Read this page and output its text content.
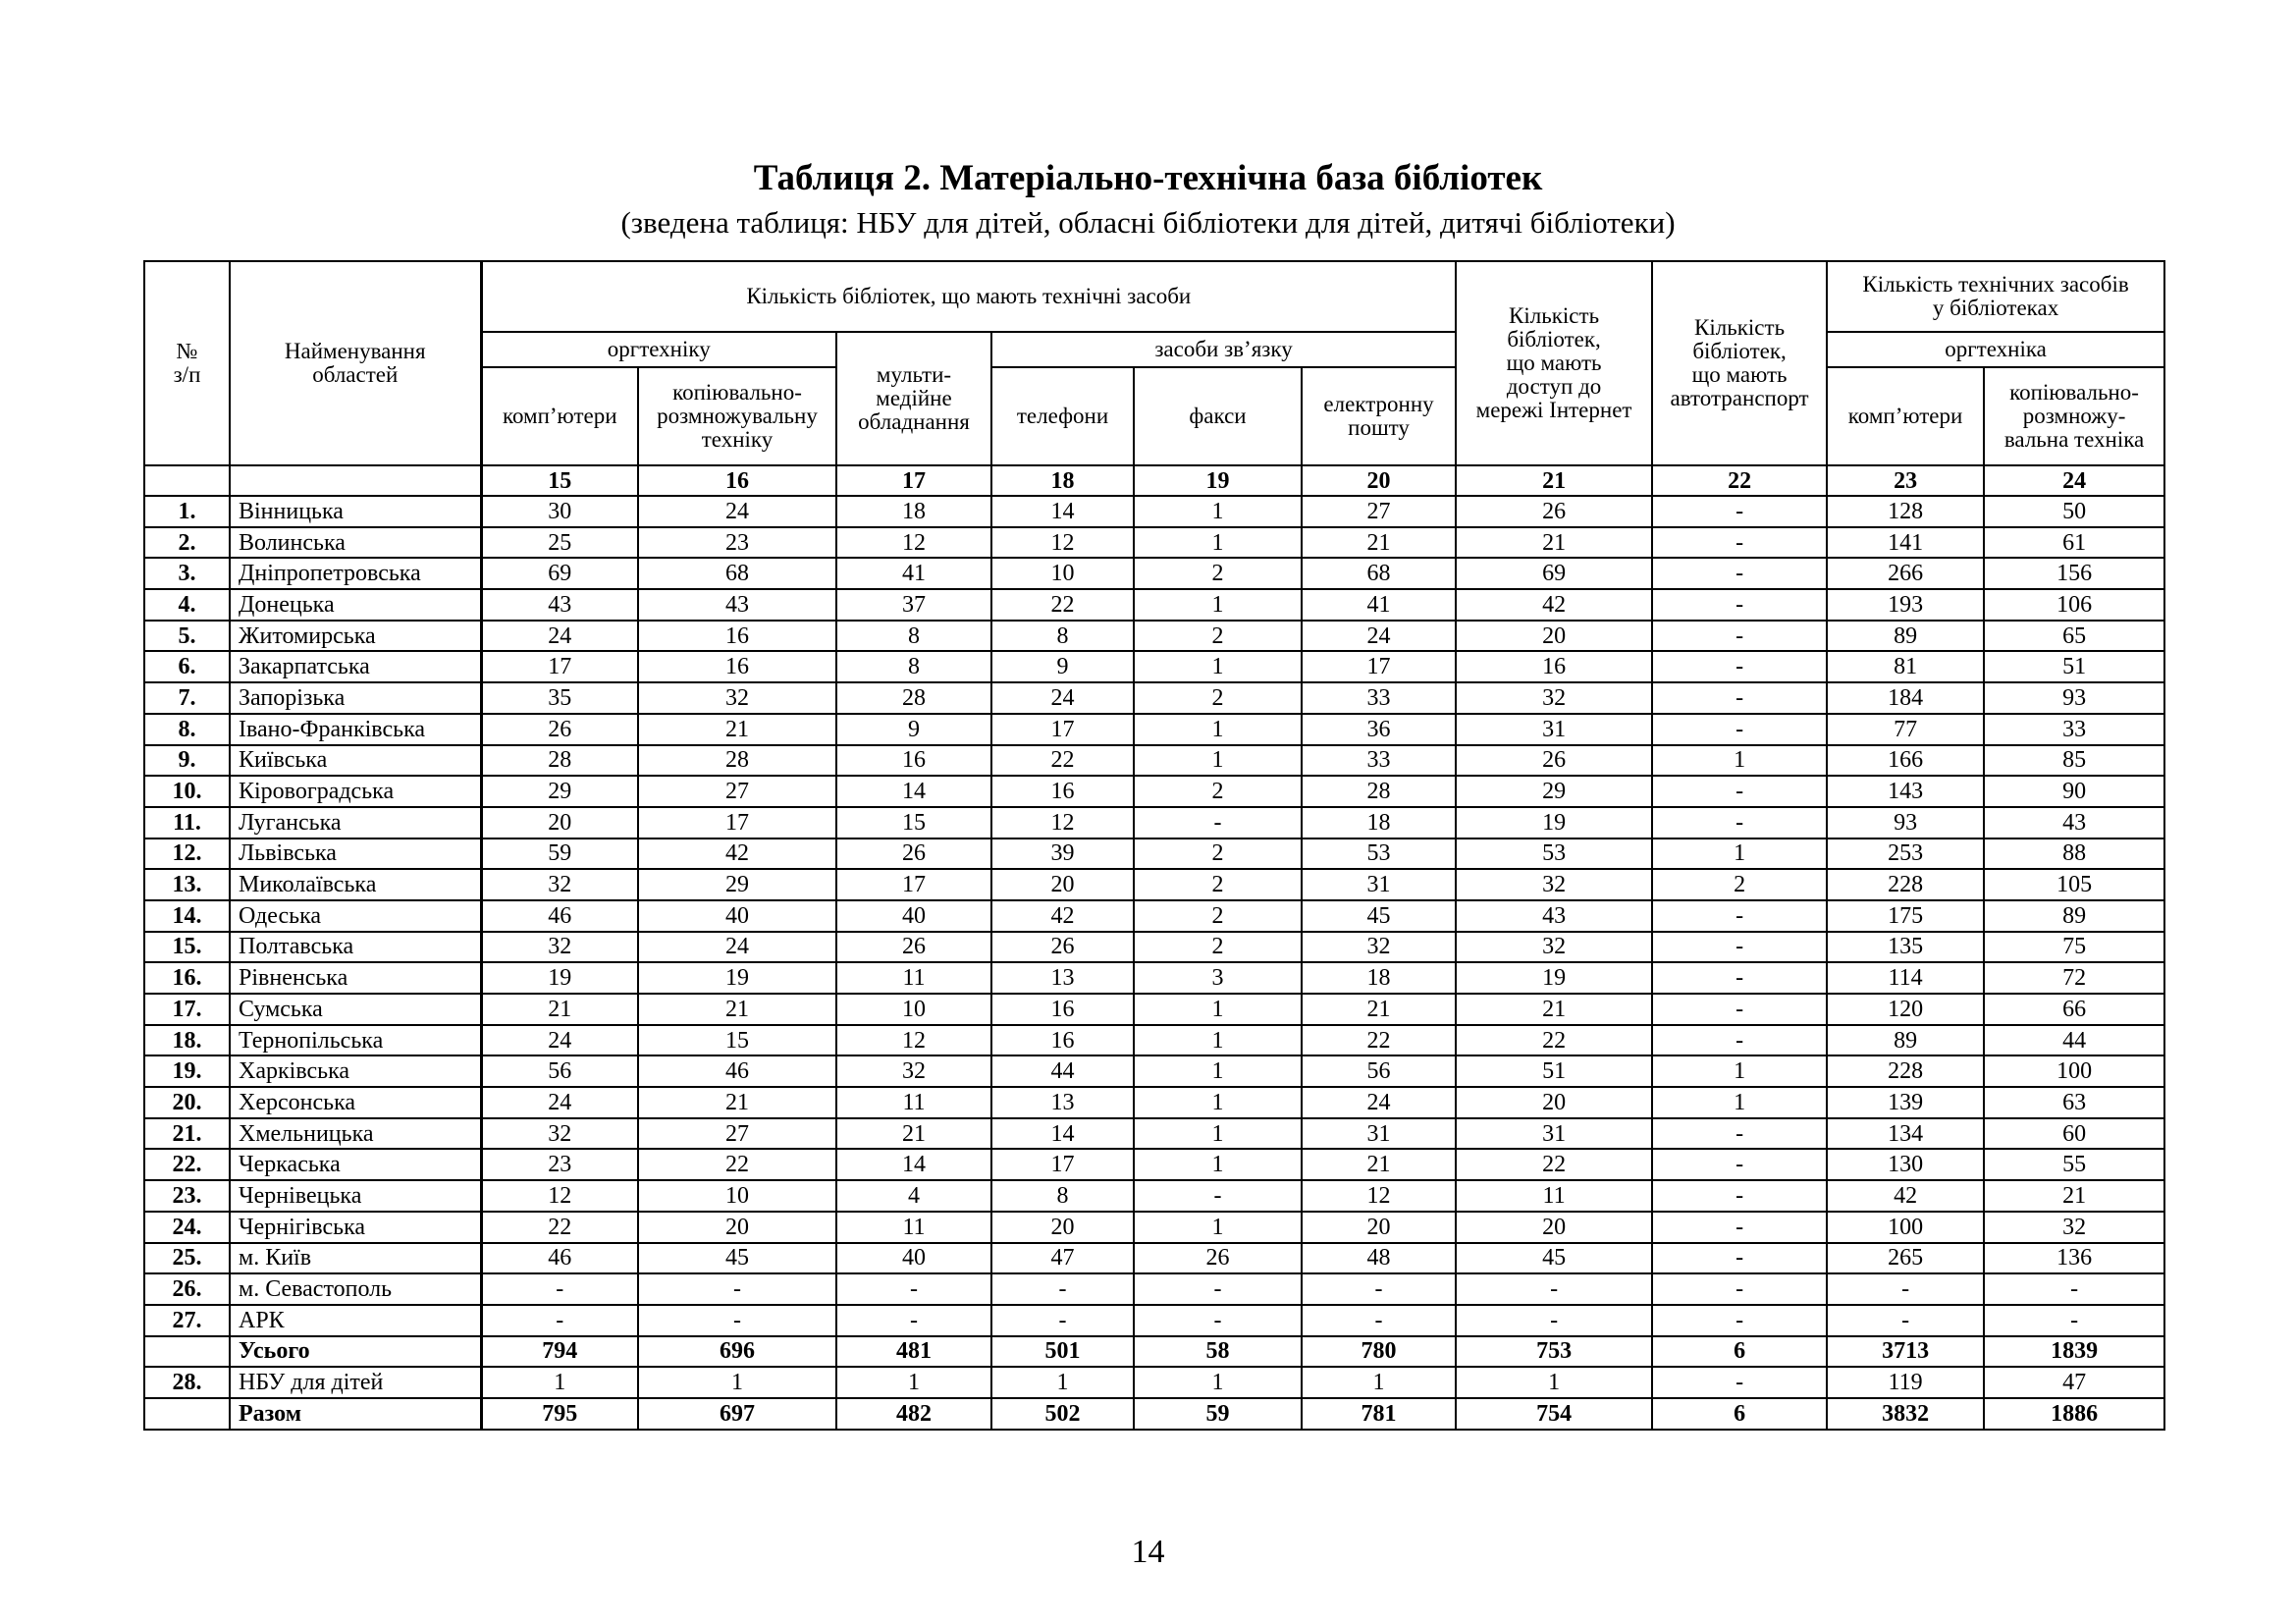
Таблиця 2. Матеріально-технічна база бібліотек
(зведена таблиця: НБУ для дітей, обласні бібліотеки для дітей, дитячі бібліотеки)
№
з/п	Найменування
областей	Кількість бібліотек, що мають технічні засоби						Кількість
бібліотек,
що мають
доступ до
мережі Інтернет	Кількість
бібліотек,
що мають
автотранспорт	Кількість технічних засобів
у бібліотеках	
		оргтехніку		мульти-
медійне
обладнання	засоби зв’язку					оргтехніка	
		комп’ютери	копіювально-
розмножувальну
техніку		телефони	факси	електронну
пошту			комп’ютери	копіювально-
розмножу-
вальна техніка
		15	16	17	18	19	20	21	22	23	24
1.	Вінницька	30	24	18	14	1	27	26	-	128	50
2.	Волинська	25	23	12	12	1	21	21	-	141	61
3.	Дніпропетровська	69	68	41	10	2	68	69	-	266	156
4.	Донецька	43	43	37	22	1	41	42	-	193	106
5.	Житомирська	24	16	8	8	2	24	20	-	89	65
6.	Закарпатська	17	16	8	9	1	17	16	-	81	51
7.	Запорізька	35	32	28	24	2	33	32	-	184	93
8.	Івано-Франківська	26	21	9	17	1	36	31	-	77	33
9.	Київська	28	28	16	22	1	33	26	1	166	85
10.	Кіровоградська	29	27	14	16	2	28	29	-	143	90
11.	Луганська	20	17	15	12	-	18	19	-	93	43
12.	Львівська	59	42	26	39	2	53	53	1	253	88
13.	Миколаївська	32	29	17	20	2	31	32	2	228	105
14.	Одеська	46	40	40	42	2	45	43	-	175	89
15.	Полтавська	32	24	26	26	2	32	32	-	135	75
16.	Рівненська	19	19	11	13	3	18	19	-	114	72
17.	Сумська	21	21	10	16	1	21	21	-	120	66
18.	Тернопільська	24	15	12	16	1	22	22	-	89	44
19.	Харківська	56	46	32	44	1	56	51	1	228	100
20.	Херсонська	24	21	11	13	1	24	20	1	139	63
21.	Хмельницька	32	27	21	14	1	31	31	-	134	60
22.	Черкаська	23	22	14	17	1	21	22	-	130	55
23.	Чернівецька	12	10	4	8	-	12	11	-	42	21
24.	Чернігівська	22	20	11	20	1	20	20	-	100	32
25.	м. Київ	46	45	40	47	26	48	45	-	265	136
26.	м. Севастополь	-	-	-	-	-	-	-	-	-	-
27.	АРК	-	-	-	-	-	-	-	-	-	-
	Усього	794	696	481	501	58	780	753	6	3713	1839
28.	НБУ для дітей	1	1	1	1	1	1	1	-	119	47
	Разом	795	697	482	502	59	781	754	6	3832	1886
14
